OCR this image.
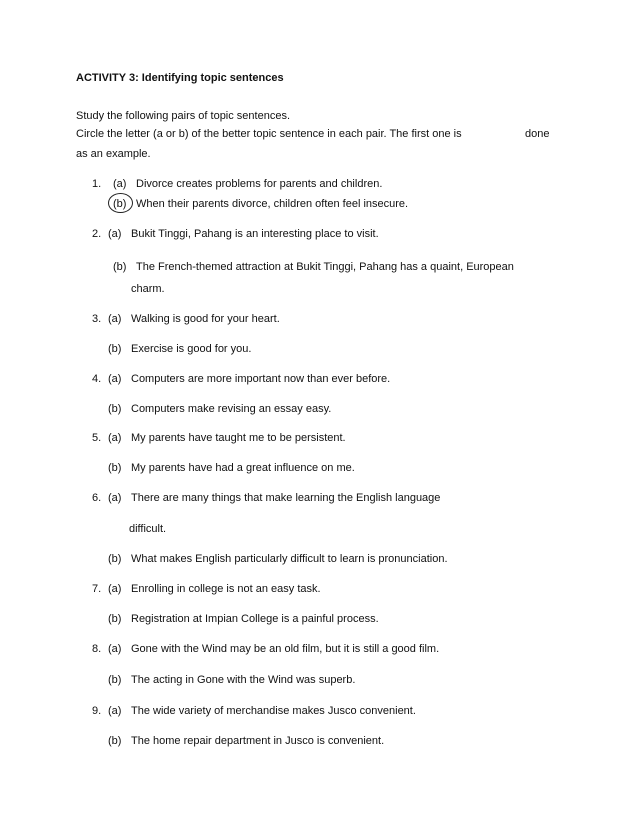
ACTIVITY 3: Identifying topic sentences
Study the following pairs of topic sentences.
Circle the letter (a or b) of the better topic sentence in each pair. The first one is	done
as an example.
1. (a) Divorce creates problems for parents and children.
(b) When their parents divorce, children often feel insecure.
2. (a) Bukit Tinggi, Pahang is an interesting place to visit.
(b) The French-themed attraction at Bukit Tinggi, Pahang has a quaint, European
charm.
3. (a) Walking is good for your heart.
(b) Exercise is good for you.
4. (a) Computers are more important now than ever before.
(b) Computers make revising an essay easy.
5. (a) My parents have taught me to be persistent.
(b) My parents have had a great influence on me.
6. (a) There are many things that make learning the English language
difficult.
(b) What makes English particularly difficult to learn is pronunciation.
7. (a) Enrolling in college is not an easy task.
(b) Registration at Impian College is a painful process.
8. (a) Gone with the Wind may be an old film, but it is still a good film.
(b) The acting in Gone with the Wind was superb.
9. (a) The wide variety of merchandise makes Jusco convenient.
(b) The home repair department in Jusco is convenient.
